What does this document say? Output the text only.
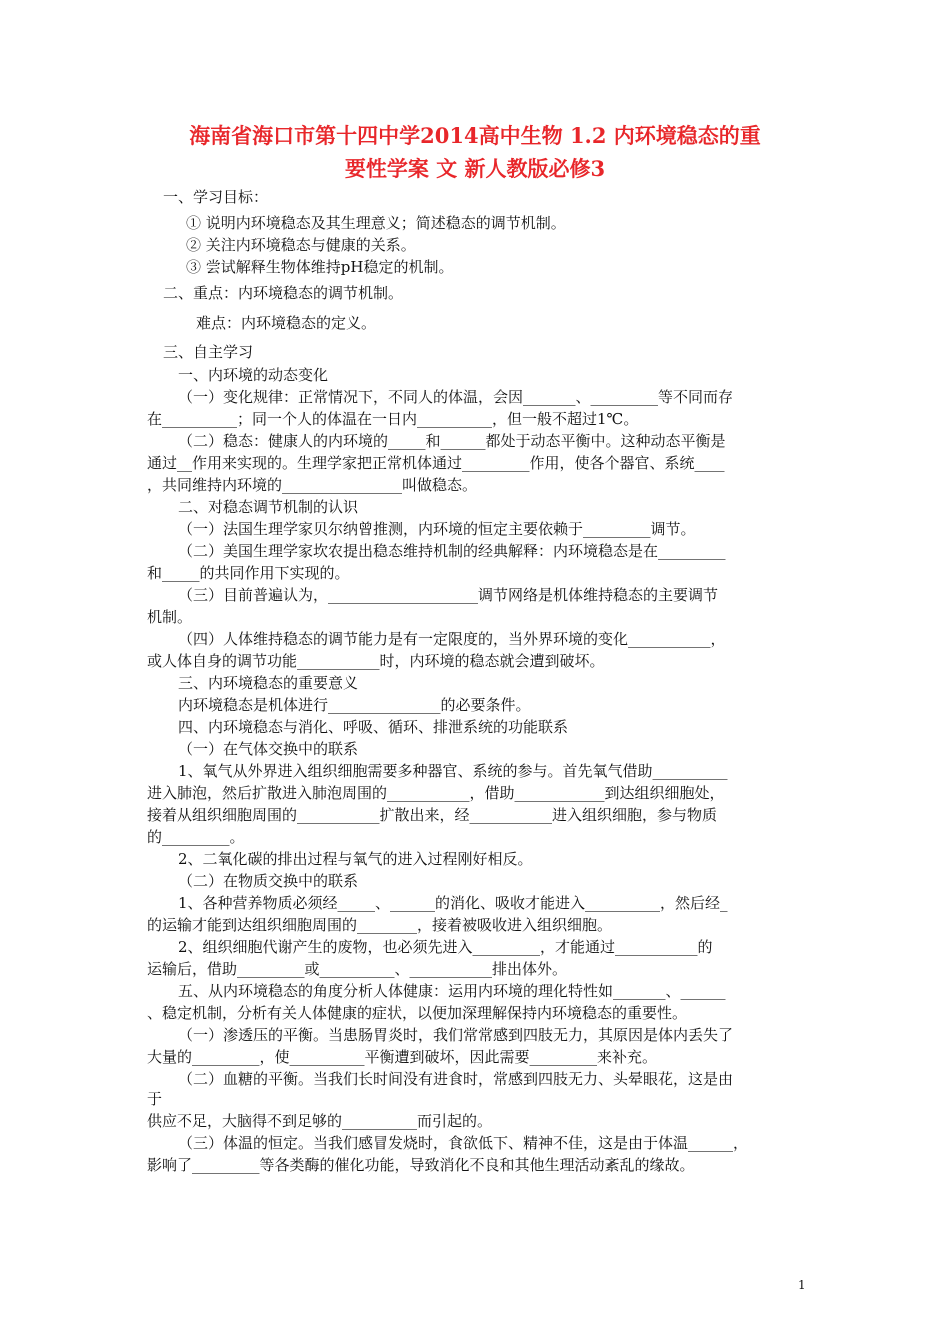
海南省海口市第十四中学2014高中生物 1.2 内环境稳态的重
要性学案 文 新人教版必修3
一、学习目标：
① 说明内环境稳态及其生理意义；简述稳态的调节机制。
② 关注内环境稳态与健康的关系。
③ 尝试解释生物体维持pH稳定的机制。
二、重点：内环境稳态的调节机制。
难点：内环境稳态的定义。
三、自主学习
一、内环境的动态变化
（一）变化规律：正常情况下，不同人的体温，会因_______、_________等不同而存
在__________；同一个人的体温在一日内__________，但一般不超过1℃。
（二）稳态：健康人的内环境的_____和______都处于动态平衡中。这种动态平衡是
通过__作用来实现的。生理学家把正常机体通过_________作用，使各个器官、系统____
，共同维持内环境的________________叫做稳态。
二、对稳态调节机制的认识
（一）法国生理学家贝尔纳曾推测，内环境的恒定主要依赖于_________调节。
（二）美国生理学家坎农提出稳态维持机制的经典解释：内环境稳态是在_________
和_____的共同作用下实现的。
（三）目前普遍认为，____________________调节网络是机体维持稳态的主要调节
机制。
（四）人体维持稳态的调节能力是有一定限度的，当外界环境的变化___________，
或人体自身的调节功能___________时，内环境的稳态就会遭到破坏。
三、内环境稳态的重要意义
内环境稳态是机体进行_______________的必要条件。
四、内环境稳态与消化、呼吸、循环、排泄系统的功能联系
（一）在气体交换中的联系
1、氧气从外界进入组织细胞需要多种器官、系统的参与。首先氧气借助__________
进入肺泡，然后扩散进入肺泡周围的___________，借助____________到达组织细胞处，
接着从组织细胞周围的___________扩散出来，经___________进入组织细胞，参与物质
的_________。
2、二氧化碳的排出过程与氧气的进入过程刚好相反。
（二）在物质交换中的联系
1、各种营养物质必须经_____、______的消化、吸收才能进入__________，然后经_
的运输才能到达组织细胞周围的________，接着被吸收进入组织细胞。
2、组织细胞代谢产生的废物，也必须先进入_________，才能通过___________的
运输后，借助_________或__________、___________排出体外。
五、从内环境稳态的角度分析人体健康：运用内环境的理化特性如_______、______
、稳定机制，分析有关人体健康的症状，以便加深理解保持内环境稳态的重要性。
（一）渗透压的平衡。当患肠胃炎时，我们常常感到四肢无力，其原因是体内丢失了
大量的_________，使__________平衡遭到破坏，因此需要_________来补充。
（二）血糖的平衡。当我们长时间没有进食时，常感到四肢无力、头晕眼花，这是由
于
供应不足，大脑得不到足够的__________而引起的。
（三）体温的恒定。当我们感冒发烧时，食欲低下、精神不佳，这是由于体温______，
影响了_________等各类酶的催化功能，导致消化不良和其他生理活动紊乱的缘故。
1
